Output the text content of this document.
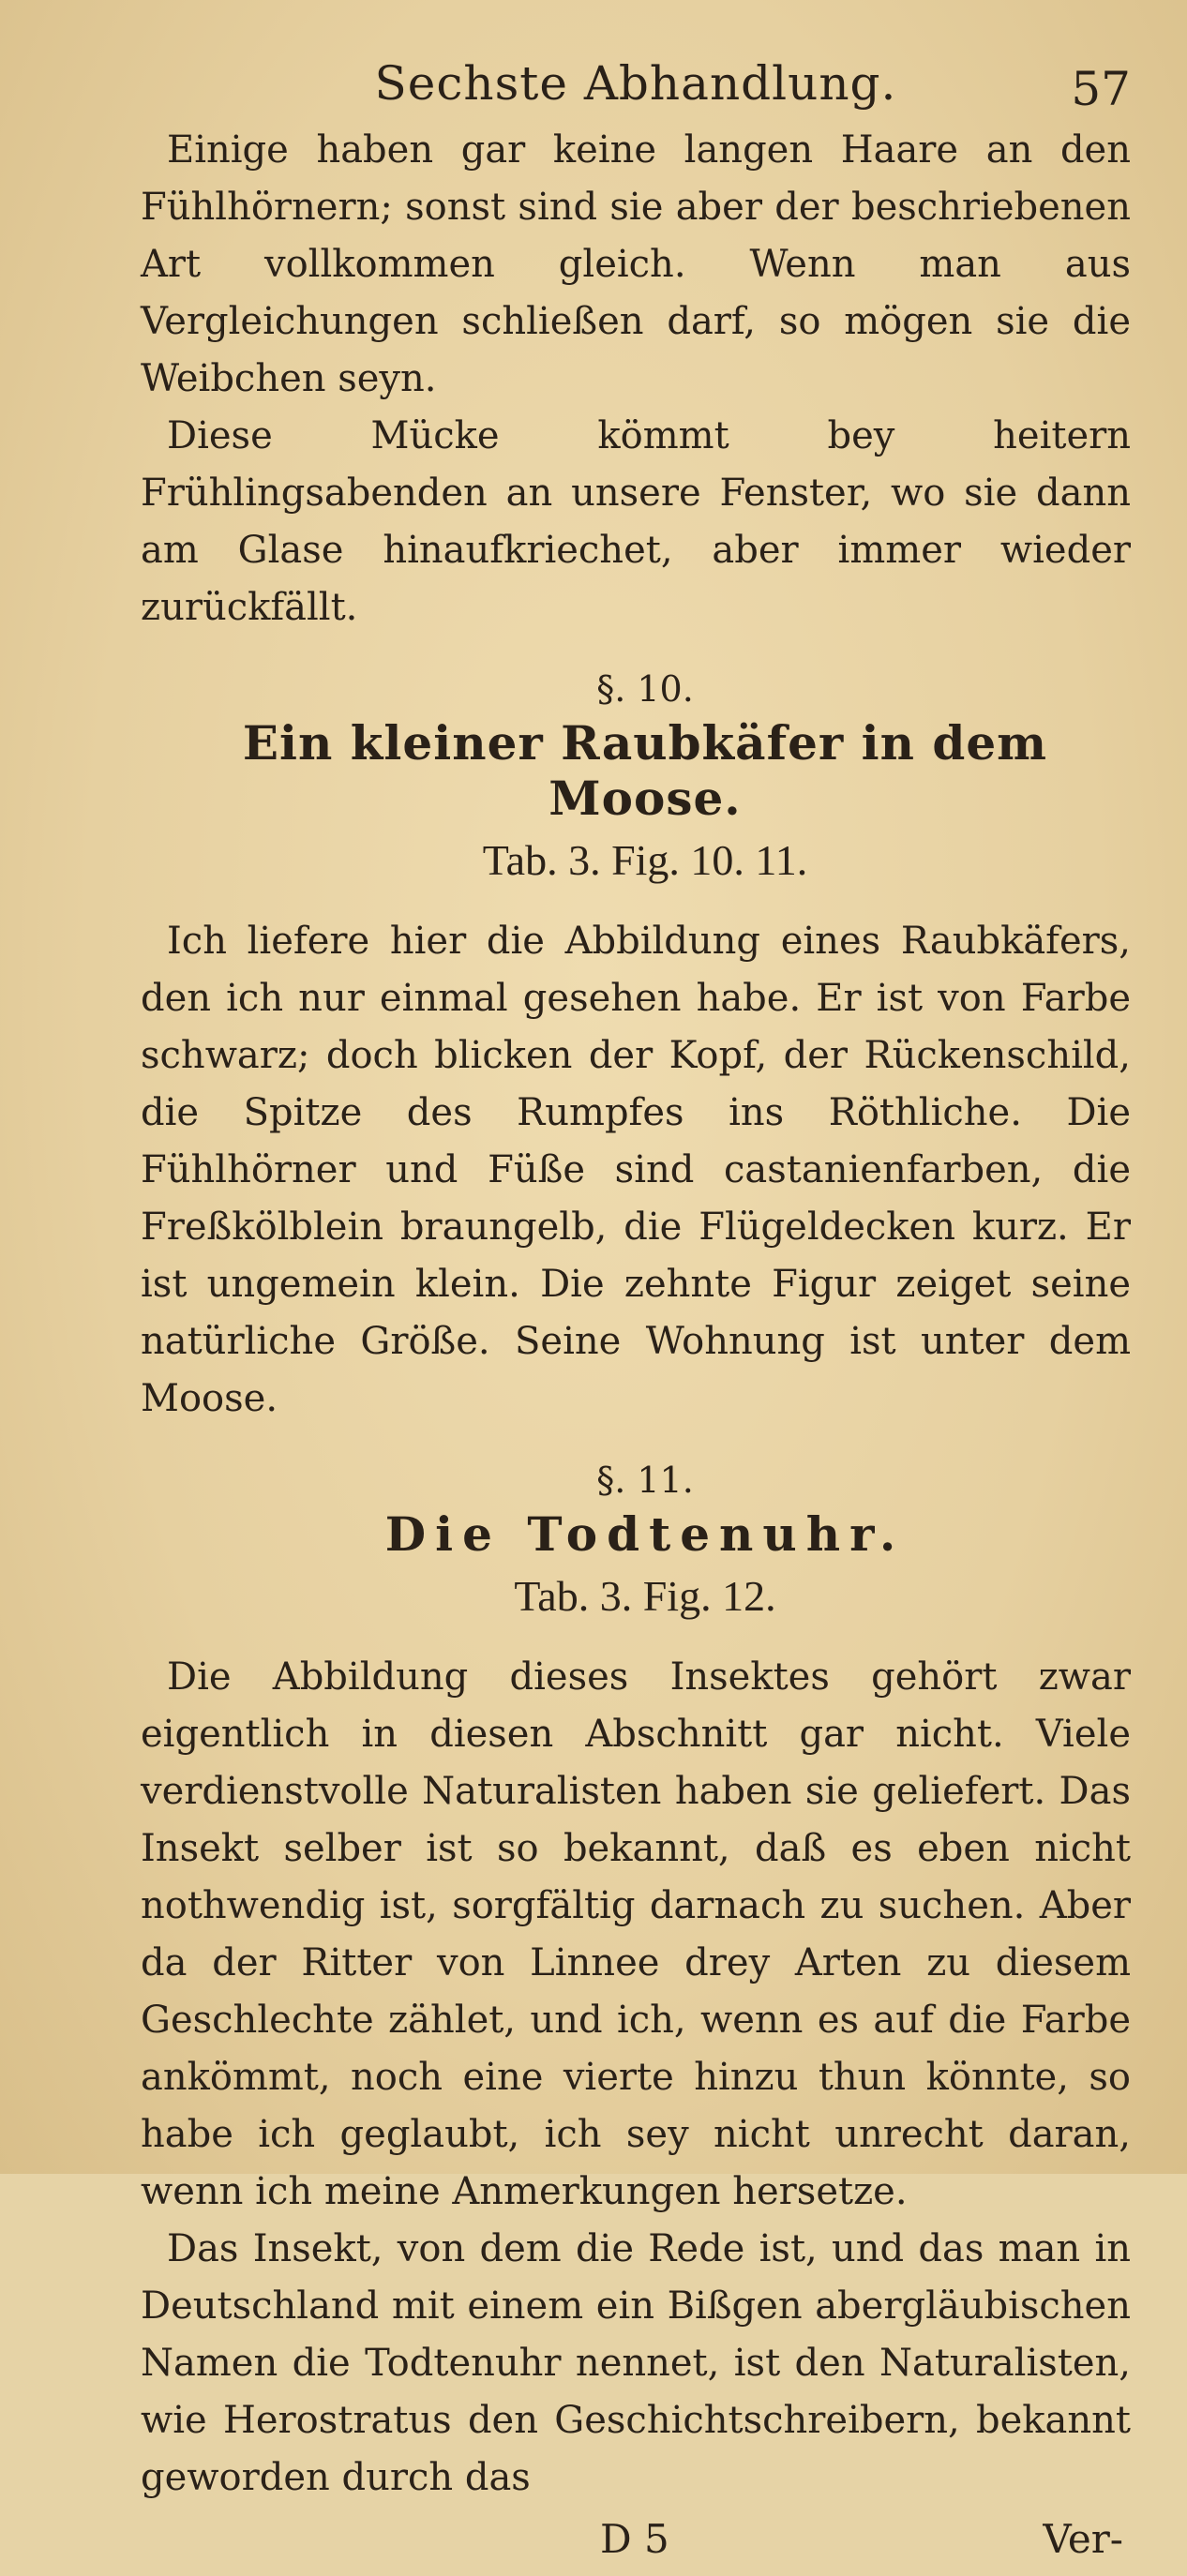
Sechste Abhandlung.	57

Einige haben gar keine langen Haare an den Fühlhörnern; sonst sind sie aber der beschriebenen Art vollkommen gleich. Wenn man aus Vergleichungen schließen darf, so mögen sie die Weibchen seyn.

Diese Mücke kömmt bey heitern Frühlingsabenden an unsere Fenster, wo sie dann am Glase hinaufkriechet, aber immer wieder zurückfällt.

§. 10.
Ein kleiner Raubkäfer in dem Moose.
Tab. 3. Fig. 10. 11.

Ich liefere hier die Abbildung eines Raubkäfers, den ich nur einmal gesehen habe. Er ist von Farbe schwarz; doch blicken der Kopf, der Rückenschild, die Spitze des Rumpfes ins Röthliche. Die Fühlhörner und Füße sind castanienfarben, die Freßkölblein braungelb, die Flügeldecken kurz. Er ist ungemein klein. Die zehnte Figur zeiget seine natürliche Größe. Seine Wohnung ist unter dem Moose.

§. 11.
Die Todtenuhr.
Tab. 3. Fig. 12.

Die Abbildung dieses Insektes gehört zwar eigentlich in diesen Abschnitt gar nicht. Viele verdienstvolle Naturalisten haben sie geliefert. Das Insekt selber ist so bekannt, daß es eben nicht nothwendig ist, sorgfältig darnach zu suchen. Aber da der Ritter von Linnee drey Arten zu diesem Geschlechte zählet, und ich, wenn es auf die Farbe ankömmt, noch eine vierte hinzu thun könnte, so habe ich geglaubt, ich sey nicht unrecht daran, wenn ich meine Anmerkungen hersetze.

Das Insekt, von dem die Rede ist, und das man in Deutschland mit einem ein Bißgen abergläubischen Namen die Todtenuhr nennet, ist den Naturalisten, wie Herostratus den Geschichtschreibern, bekannt geworden durch das

D 5	Ver-
